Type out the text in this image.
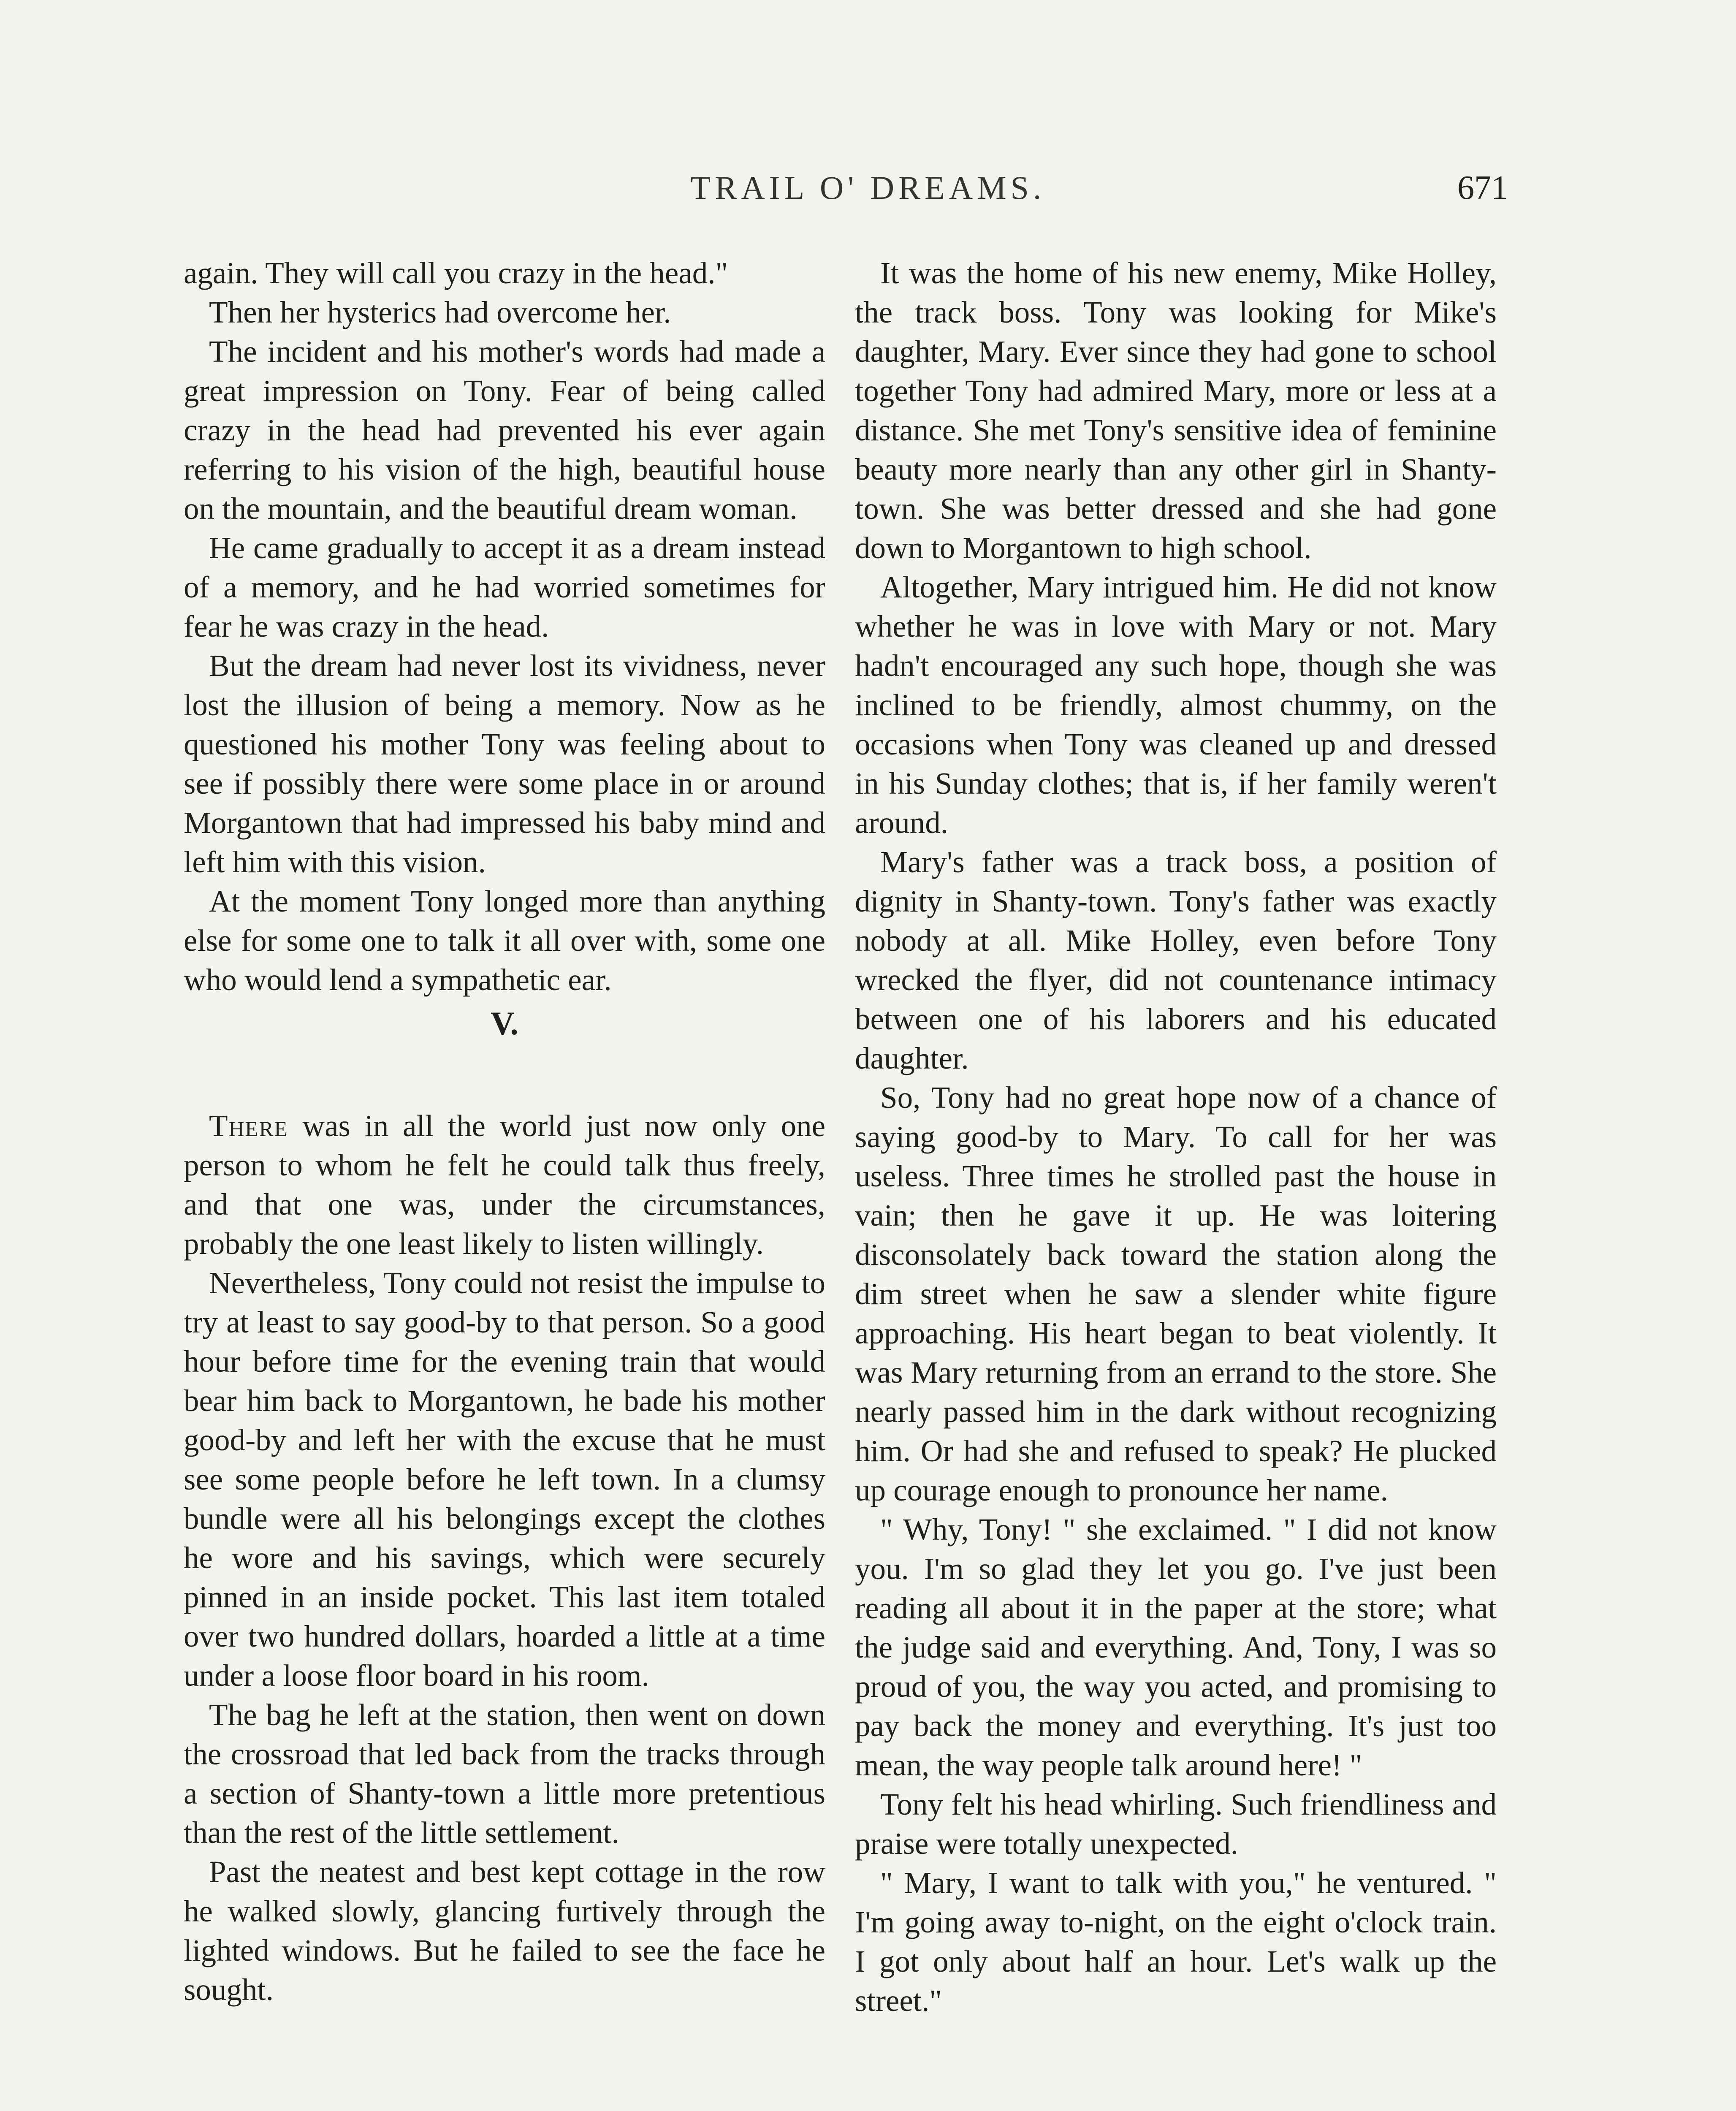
TRAIL O' DREAMS.	671

again. They will call you crazy in the head."

Then her hysterics had overcome her.

The incident and his mother's words had made a great impression on Tony. Fear of being called crazy in the head had prevented his ever again referring to his vision of the high, beautiful house on the mountain, and the beautiful dream woman.

He came gradually to accept it as a dream instead of a memory, and he had worried sometimes for fear he was crazy in the head.

But the dream had never lost its vividness, never lost the illusion of being a memory. Now as he questioned his mother Tony was feeling about to see if possibly there were some place in or around Morgantown that had impressed his baby mind and left him with this vision.

At the moment Tony longed more than anything else for some one to talk it all over with, some one who would lend a sympathetic ear.

V.

There was in all the world just now only one person to whom he felt he could talk thus freely, and that one was, under the circumstances, probably the one least likely to listen willingly.

Nevertheless, Tony could not resist the impulse to try at least to say good-by to that person. So a good hour before time for the evening train that would bear him back to Morgantown, he bade his mother good-by and left her with the excuse that he must see some people before he left town. In a clumsy bundle were all his belongings except the clothes he wore and his savings, which were securely pinned in an inside pocket. This last item totaled over two hundred dollars, hoarded a little at a time under a loose floor board in his room.

The bag he left at the station, then went on down the crossroad that led back from the tracks through a section of Shanty-town a little more pretentious than the rest of the little settlement.

Past the neatest and best kept cottage in the row he walked slowly, glancing furtively through the lighted windows. But he failed to see the face he sought.

It was the home of his new enemy, Mike Holley, the track boss. Tony was looking for Mike's daughter, Mary. Ever since they had gone to school together Tony had admired Mary, more or less at a distance. She met Tony's sensitive idea of feminine beauty more nearly than any other girl in Shanty-town. She was better dressed and she had gone down to Morgantown to high school.

Altogether, Mary intrigued him. He did not know whether he was in love with Mary or not. Mary hadn't encouraged any such hope, though she was inclined to be friendly, almost chummy, on the occasions when Tony was cleaned up and dressed in his Sunday clothes; that is, if her family weren't around.

Mary's father was a track boss, a position of dignity in Shanty-town. Tony's father was exactly nobody at all. Mike Holley, even before Tony wrecked the flyer, did not countenance intimacy between one of his laborers and his educated daughter.

So, Tony had no great hope now of a chance of saying good-by to Mary. To call for her was useless. Three times he strolled past the house in vain; then he gave it up. He was loitering disconsolately back toward the station along the dim street when he saw a slender white figure approaching. His heart began to beat violently. It was Mary returning from an errand to the store. She nearly passed him in the dark without recognizing him. Or had she and refused to speak? He plucked up courage enough to pronounce her name.

" Why, Tony! " she exclaimed. " I did not know you. I'm so glad they let you go. I've just been reading all about it in the paper at the store; what the judge said and everything. And, Tony, I was so proud of you, the way you acted, and promising to pay back the money and everything. It's just too mean, the way people talk around here! "

Tony felt his head whirling. Such friendliness and praise were totally unexpected.

" Mary, I want to talk with you," he ventured. " I'm going away to-night, on the eight o'clock train. I got only about half an hour. Let's walk up the street."
